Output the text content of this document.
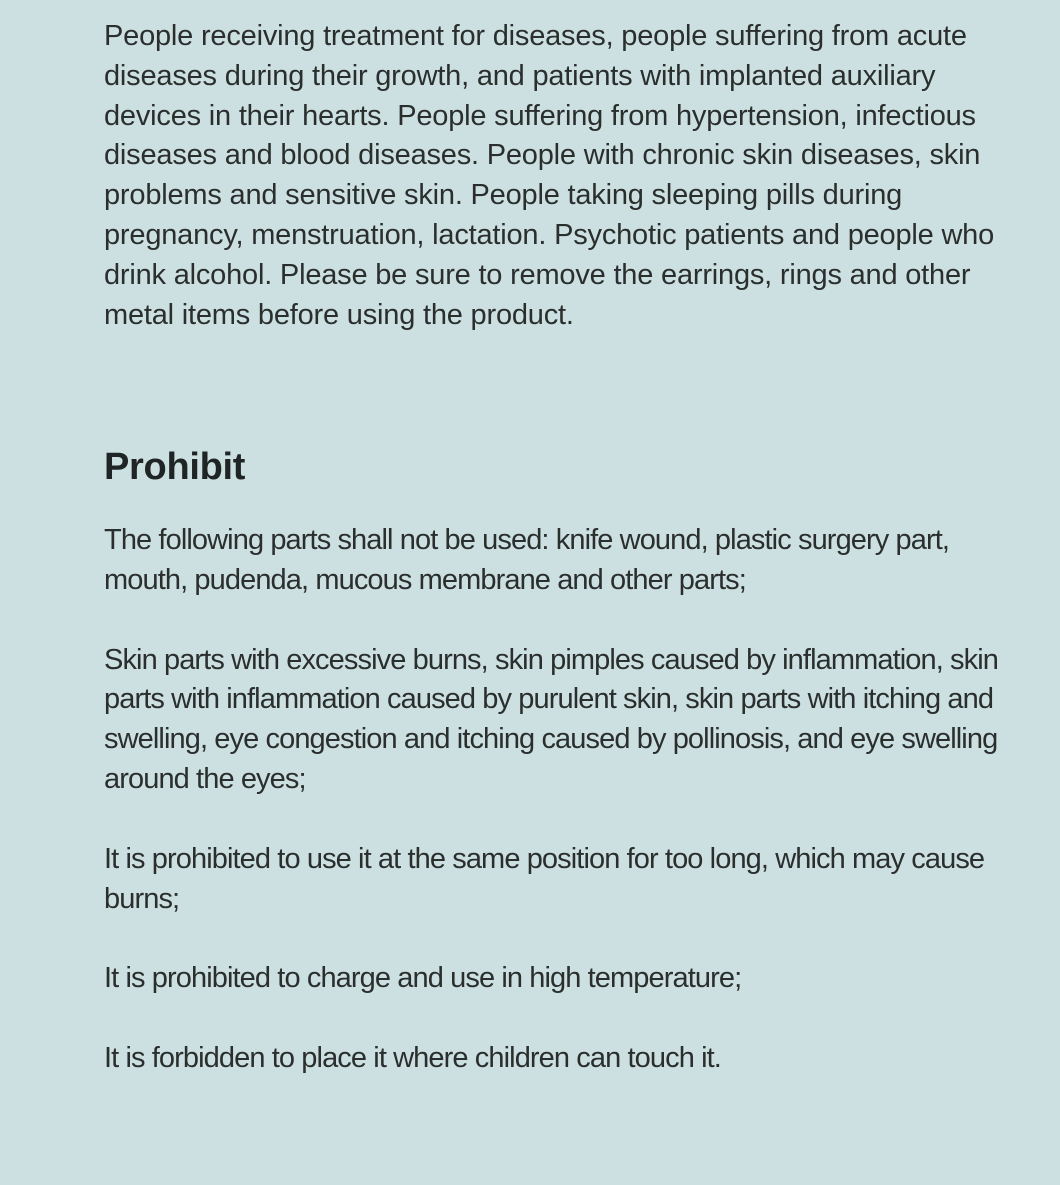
People receiving treatment for diseases, people suffering from acute diseases during their growth, and patients with implanted auxiliary devices in their hearts. People suffering from hypertension, infectious diseases and blood diseases. People with chronic skin diseases, skin problems and sensitive skin. People taking sleeping pills during pregnancy, menstruation, lactation. Psychotic patients and people who drink alcohol. Please be sure to remove the earrings, rings and other metal items before using the product.

Prohibit

The following parts shall not be used: knife wound, plastic surgery part, mouth, pudenda, mucous membrane and other parts;

Skin parts with excessive burns, skin pimples caused by inflammation, skin parts with inflammation caused by purulent skin, skin parts with itching and swelling, eye congestion and itching caused by pollinosis, and eye swelling around the eyes;

It is prohibited to use it at the same position for too long, which may cause burns;

It is prohibited to charge and use in high temperature;

It is forbidden to place it where children can touch it.
